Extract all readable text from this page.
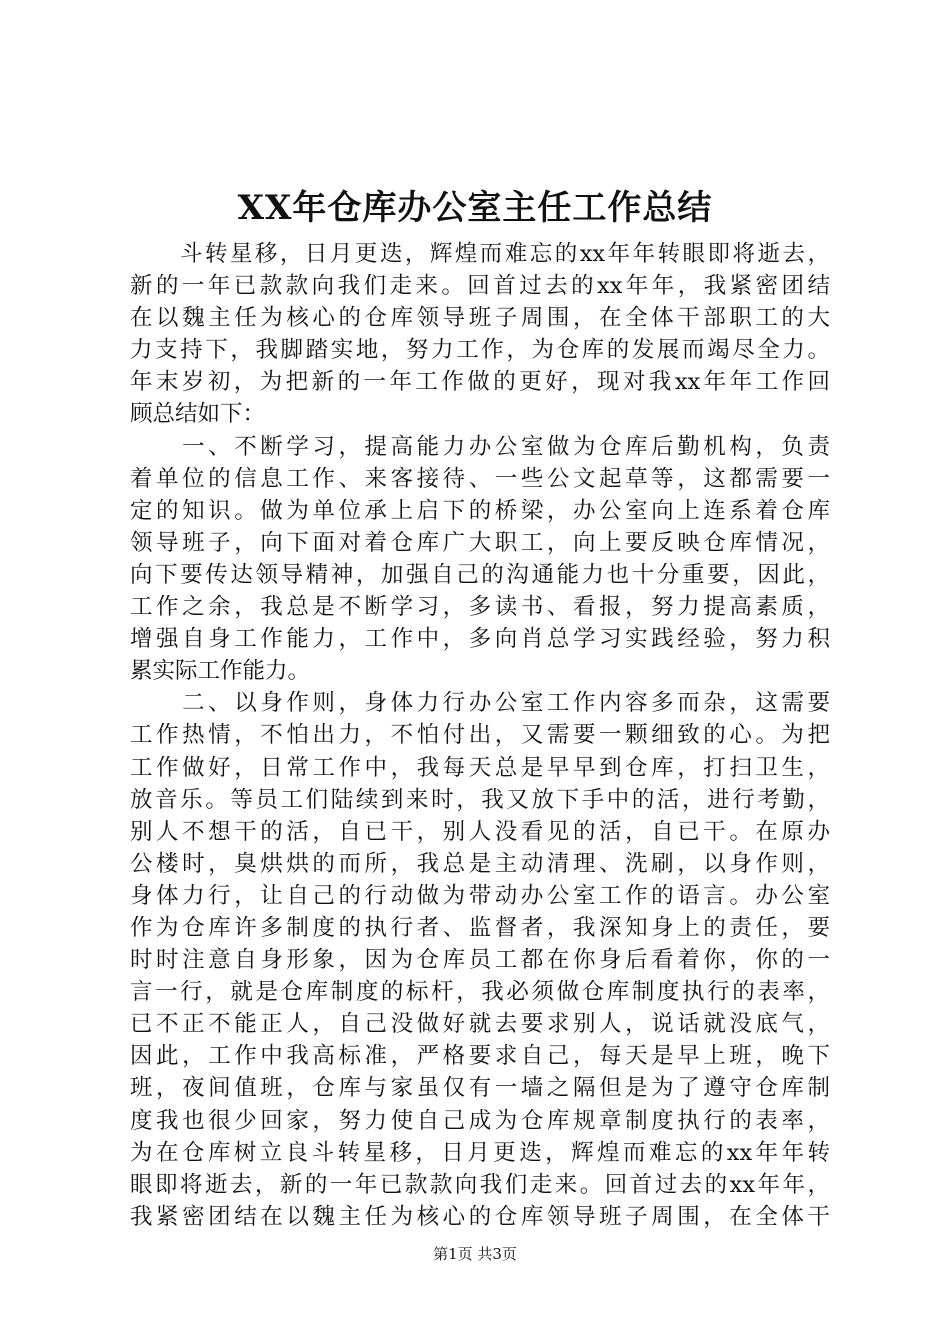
XX年仓库办公室主任工作总结
　　斗转星移，日月更迭，辉煌而难忘的xx年年转眼即将逝去，
新的一年已款款向我们走来。回首过去的xx年年，我紧密团结
在以魏主任为核心的仓库领导班子周围，在全体干部职工的大
力支持下，我脚踏实地，努力工作，为仓库的发展而竭尽全力。
年末岁初，为把新的一年工作做的更好，现对我xx年年工作回
顾总结如下：
　　一、不断学习，提高能力办公室做为仓库后勤机构，负责
着单位的信息工作、来客接待、一些公文起草等，这都需要一
定的知识。做为单位承上启下的桥梁，办公室向上连系着仓库
领导班子，向下面对着仓库广大职工，向上要反映仓库情况，
向下要传达领导精神，加强自己的沟通能力也十分重要，因此，
工作之余，我总是不断学习，多读书、看报，努力提高素质，
增强自身工作能力，工作中，多向肖总学习实践经验，努力积
累实际工作能力。
　　二、以身作则，身体力行办公室工作内容多而杂，这需要
工作热情，不怕出力，不怕付出，又需要一颗细致的心。为把
工作做好，日常工作中，我每天总是早早到仓库，打扫卫生，
放音乐。等员工们陆续到来时，我又放下手中的活，进行考勤，
别人不想干的活，自已干，别人没看见的活，自已干。在原办
公楼时，臭烘烘的而所，我总是主动清理、洗刷，以身作则，
身体力行，让自己的行动做为带动办公室工作的语言。办公室
作为仓库许多制度的执行者、监督者，我深知身上的责任，要
时时注意自身形象，因为仓库员工都在你身后看着你，你的一
言一行，就是仓库制度的标杆，我必须做仓库制度执行的表率，
已不正不能正人，自己没做好就去要求别人，说话就没底气，
因此，工作中我高标准，严格要求自己，每天是早上班，晚下
班，夜间值班，仓库与家虽仅有一墙之隔但是为了遵守仓库制
度我也很少回家，努力使自己成为仓库规章制度执行的表率，
为在仓库树立良斗转星移，日月更迭，辉煌而难忘的xx年年转
眼即将逝去，新的一年已款款向我们走来。回首过去的xx年年，
我紧密团结在以魏主任为核心的仓库领导班子周围，在全体干
第1页 共3页
